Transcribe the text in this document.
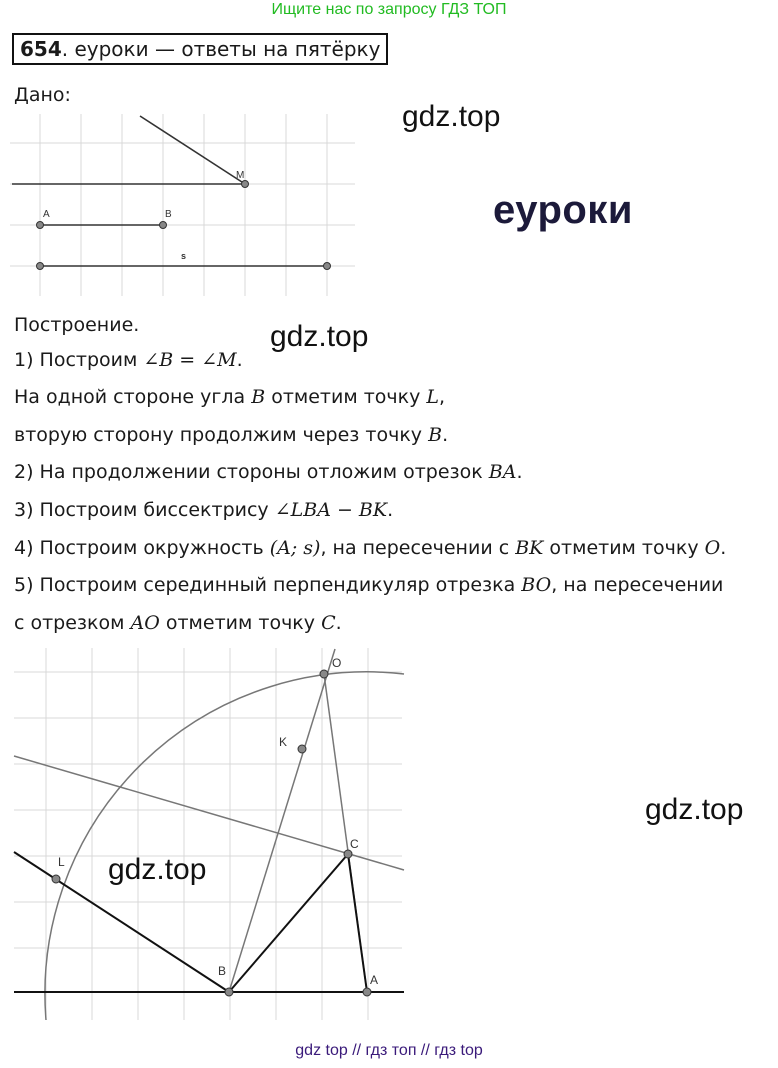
Ищите нас по запросу ГДЗ ТОП
654. еуроки — ответы на пятёрку
Дано:
M
A	B
s
gdz.top
еуроки
Построение.	gdz.top
1) Построим ∠B = ∠M.
На одной стороне угла B отметим точку L,
вторую сторону продолжим через точку B.
2) На продолжении стороны отложим отрезок BA.
3) Построим биссектрису ∠LBA − BK.
4) Построим окружность (A; s), на пересечении с BK отметим точку O.
5) Построим серединный перпендикуляр отрезка BO, на пересечении
с отрезком AO отметим точку C.
O
K
C
L
B
A
gdz.top
gdz.top
gdz top // гдз топ // гдз top
